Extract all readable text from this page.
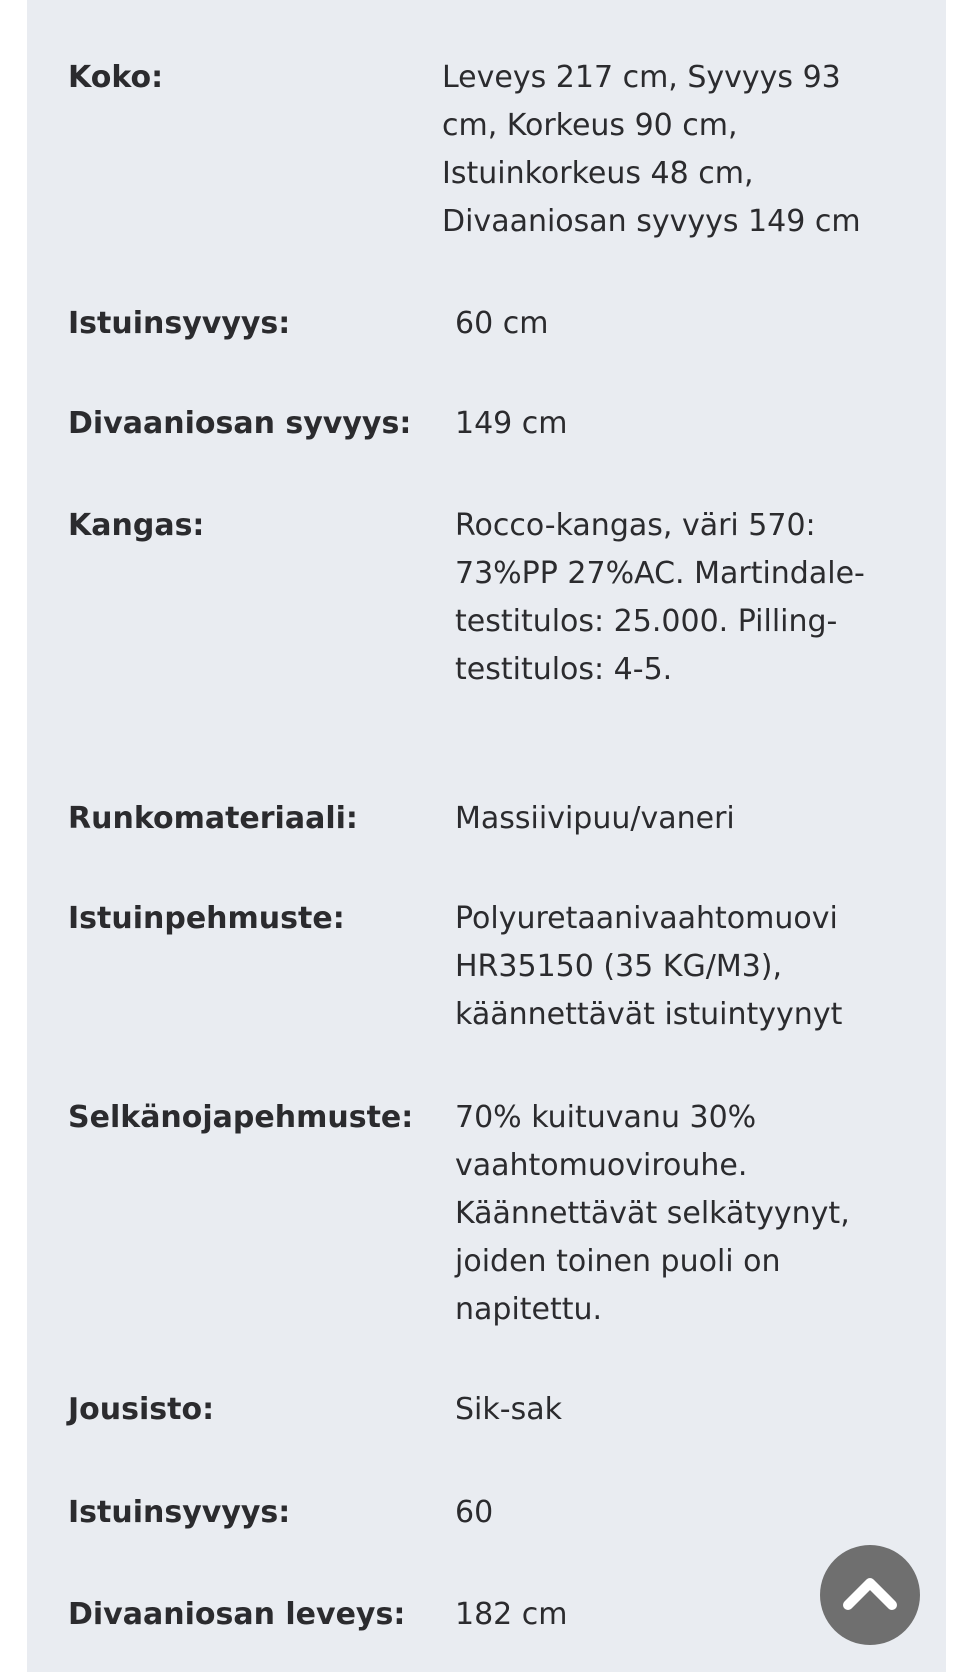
Koko:	Leveys 217 cm, Syvyys 93 cm, Korkeus 90 cm, Istuinkorkeus 48 cm, Divaaniosan syvyys 149 cm
Istuinsyvyys:	60 cm
Divaaniosan syvyys: 149 cm
Kangas:	Rocco-kangas, väri 570: 73%PP 27%AC. Martindale-testitulos: 25.000. Pilling-testitulos: 4-5.
Runkomateriaali:	Massiivipuu/vaneri
Istuinpehmuste:	Polyuretaanivaahtomuovi HR35150 (35 KG/M3), käännettävät istuintyynyt
Selkänojapehmuste: 70% kuituvanu 30% vaahtomuovirouhe. Käännettävät selkätyynyt, joiden toinen puoli on napitettu.
Jousisto:	Sik-sak
Istuinsyvyys:	60
Divaaniosan leveys: 182 cm
